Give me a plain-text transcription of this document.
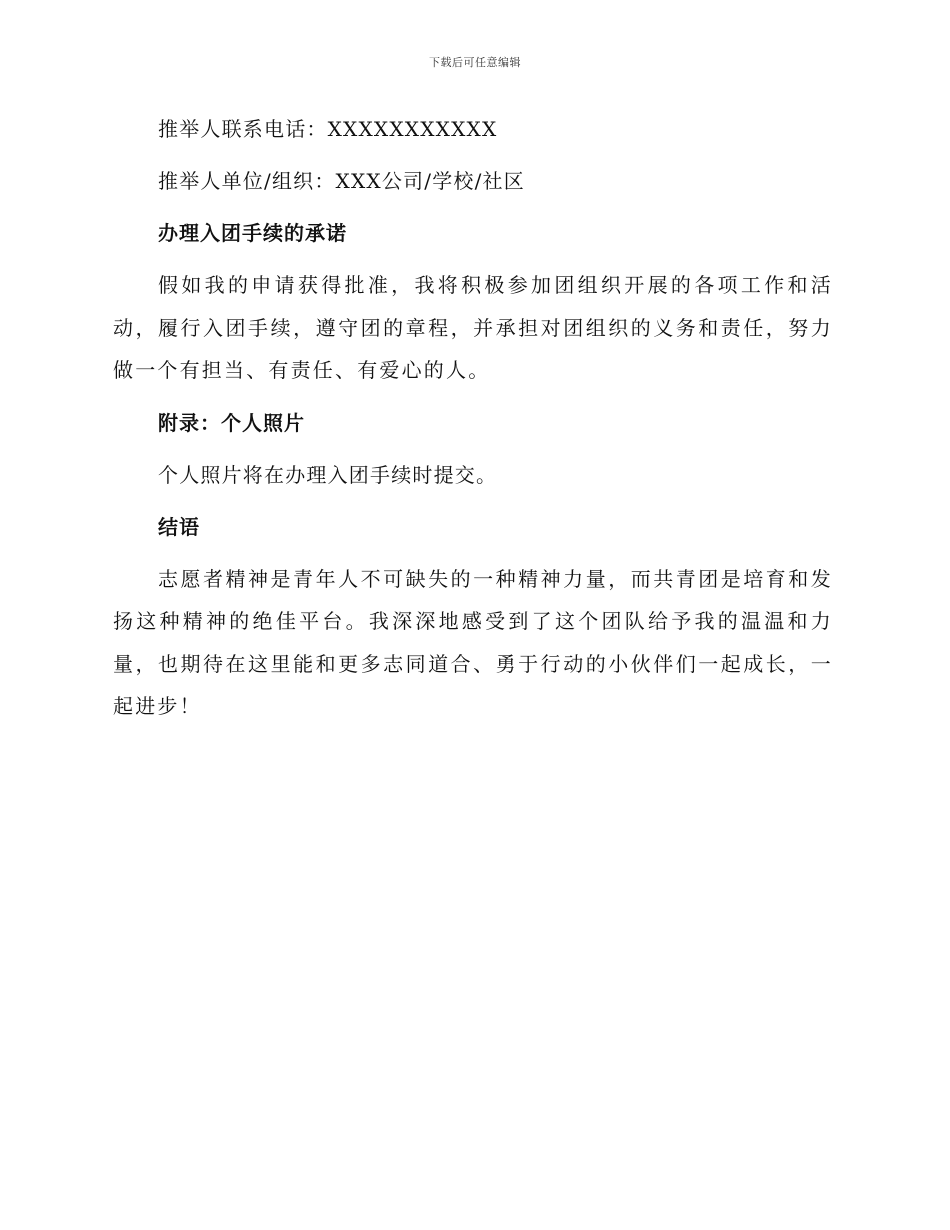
下载后可任意编辑

推举人联系电话：XXXXXXXXXXX

推举人单位/组织：XXX公司/学校/社区

办理入团手续的承诺

假如我的申请获得批准，我将积极参加团组织开展的各项工作和活动，履行入团手续，遵守团的章程，并承担对团组织的义务和责任，努力做一个有担当、有责任、有爱心的人。

附录：个人照片

个人照片将在办理入团手续时提交。

结语

志愿者精神是青年人不可缺失的一种精神力量，而共青团是培育和发扬这种精神的绝佳平台。我深深地感受到了这个团队给予我的温温和力量，也期待在这里能和更多志同道合、勇于行动的小伙伴们一起成长，一起进步！
